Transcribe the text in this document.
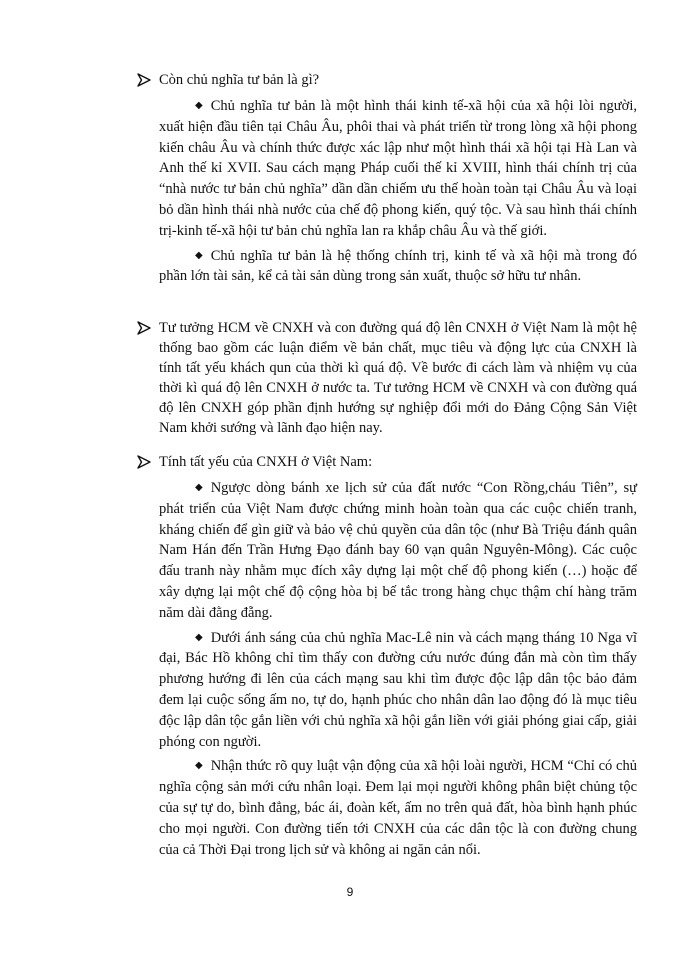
Còn chủ nghĩa tư bản là gì?
◆ Chủ nghĩa tư bản là một hình thái kinh tế-xã hội của xã hội lòi người, xuất hiện đầu tiên tại Châu Âu, phôi thai và phát triển từ trong lòng xã hội phong kiến châu Âu và chính thức được xác lập như một hình thái xã hội tại Hà Lan và Anh thế kỉ XVII. Sau cách mạng Pháp cuối thế kỉ XVIII, hình thái chính trị của “nhà nước tư bản chủ nghĩa” dần dần chiếm ưu thế hoàn toàn tại Châu Âu và loại bỏ dần hình thái nhà nước của chế độ phong kiến, quý tộc. Và sau hình thái chính trị-kinh tế-xã hội tư bản chủ nghĩa lan ra khắp châu Âu và thế giới.
◆ Chủ nghĩa tư bản là hệ thống chính trị, kinh tế và xã hội mà trong đó phần lớn tài sản, kể cả tài sản dùng trong sản xuất, thuộc sở hữu tư nhân.
Tư tưởng HCM về CNXH và con đường quá độ lên CNXH ở Việt Nam là một hệ thống bao gồm các luận điểm về bản chất, mục tiêu và động lực của CNXH là tính tất yếu khách qun của thời kì quá độ. Về bước đi cách làm và nhiệm vụ của thời kì quá độ lên CNXH ở nước ta. Tư tưởng HCM về CNXH và con đường quá độ lên CNXH góp phần định hướng sự nghiệp đổi mới do Đảng Cộng Sản Việt Nam khởi sướng và lãnh đạo hiện nay.
Tính tất yếu của CNXH ở Việt Nam:
◆ Ngược dòng bánh xe lịch sử của đất nước “Con Rồng,cháu Tiên”, sự phát triển của Việt Nam được chứng minh hoàn toàn qua các cuộc chiến tranh, kháng chiến để gìn giữ và bảo vệ chủ quyền của dân tộc (như Bà Triệu đánh quân Nam Hán đến Trần Hưng Đạo đánh bay 60 vạn quân Nguyên-Mông). Các cuộc đấu tranh này nhằm mục đích xây dựng lại một chế độ phong kiến (…) hoặc để xây dựng lại một chế độ cộng hòa bị bế tắc trong hàng chục thậm chí hàng trăm năm dài đằng đẵng.
◆ Dưới ánh sáng của chủ nghĩa Mac-Lê nin và cách mạng tháng 10 Nga vĩ đại, Bác Hồ không chỉ tìm thấy con đường cứu nước đúng đắn mà còn tìm thấy phương hướng đi lên của cách mạng sau khi tìm được độc lập dân tộc bảo đảm đem lại cuộc sống ấm no, tự do, hạnh phúc cho nhân dân lao động đó là mục tiêu độc lập dân tộc gắn liền với chủ nghĩa xã hội gắn liền với giải phóng giai cấp, giải phóng con người.
◆ Nhận thức rõ quy luật vận động của xã hội loài người, HCM “Chỉ có chủ nghĩa cộng sản mới cứu nhân loại. Đem lại mọi người không phân biệt chủng tộc của sự tự do, bình đẳng, bác ái, đoàn kết, ấm no trên quả đất, hòa bình hạnh phúc cho mọi người. Con đường tiến tới CNXH của các dân tộc là con đường chung của cả Thời Đại trong lịch sử và không ai ngăn cản nổi.
9
